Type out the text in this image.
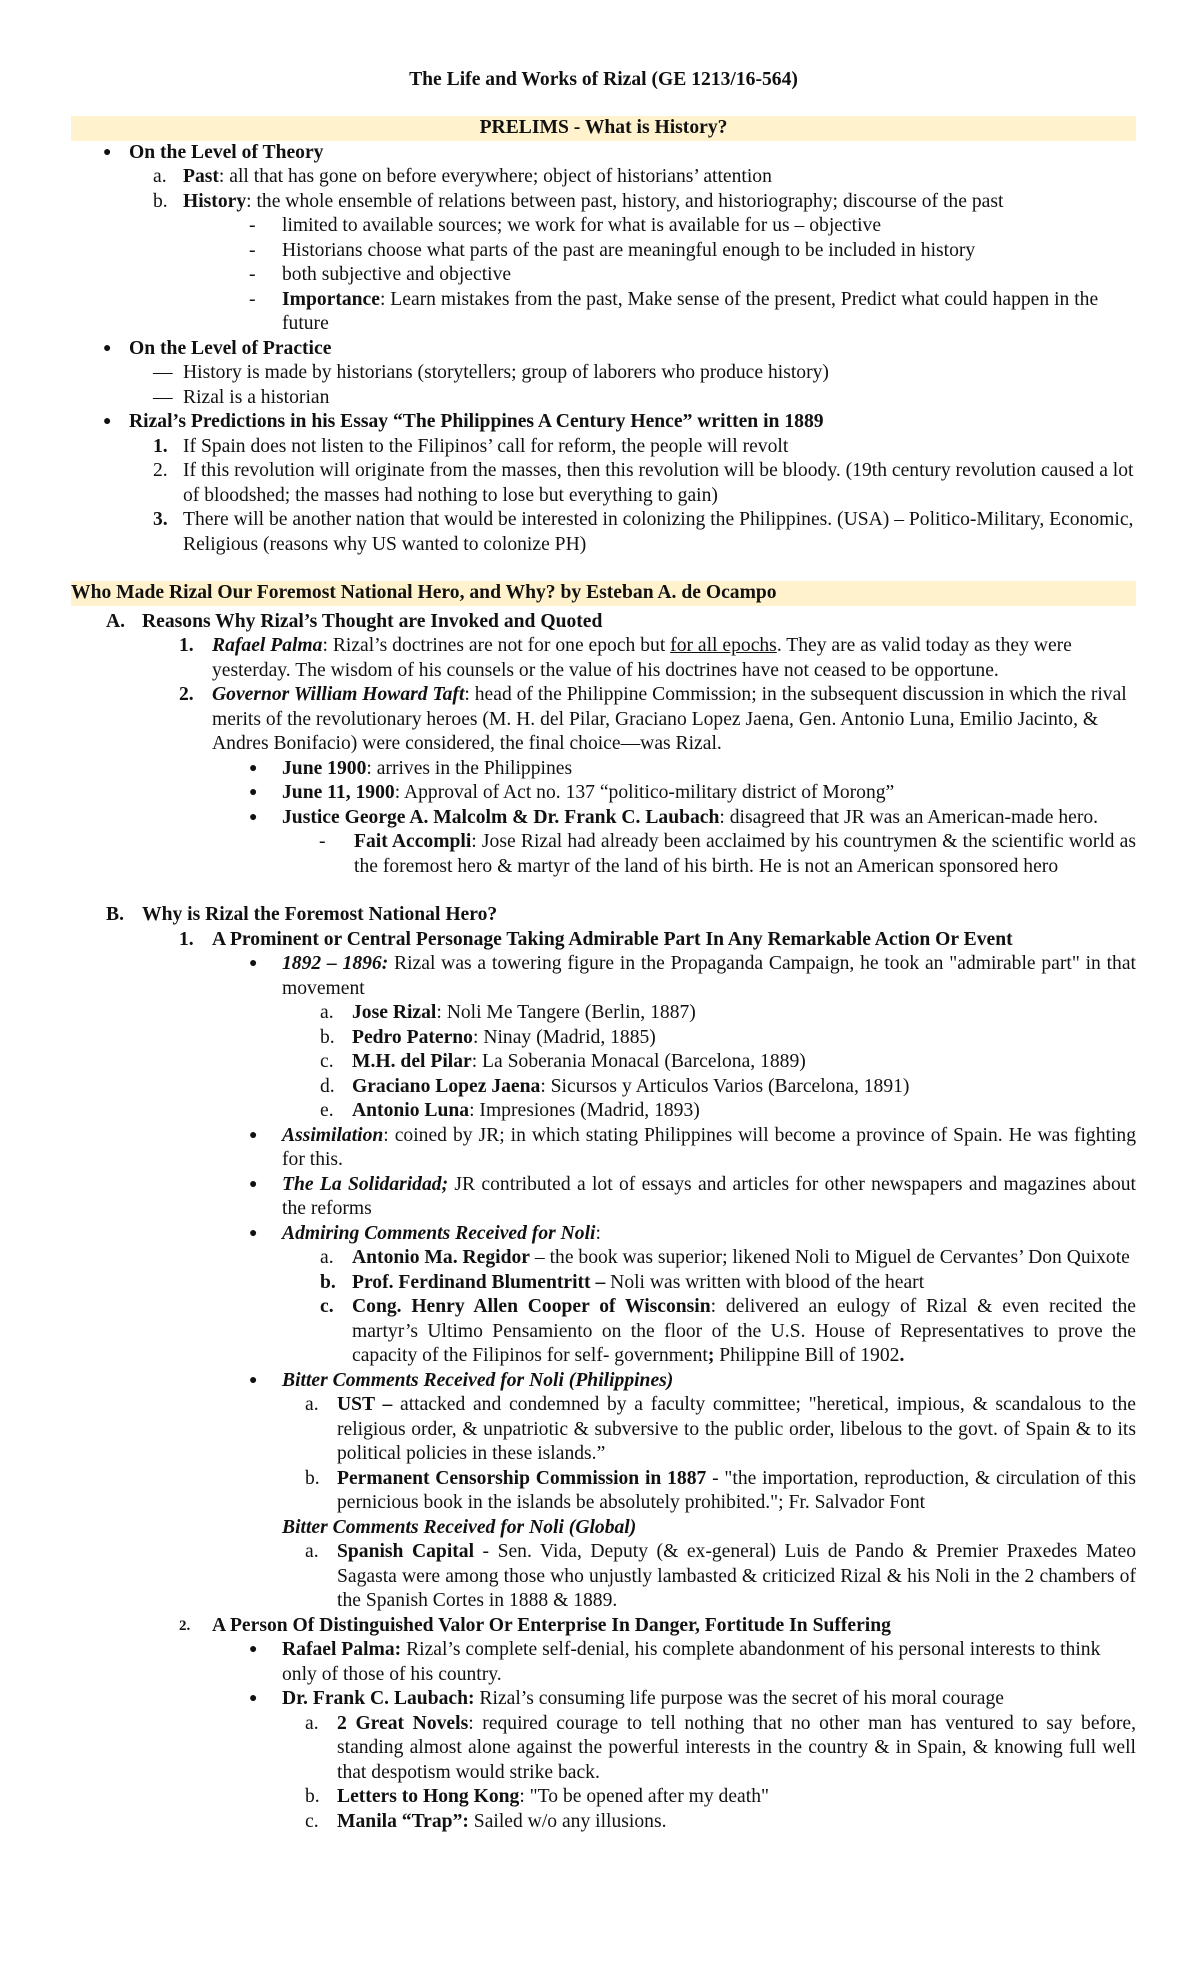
The Life and Works of Rizal (GE 1213/16-564)
PRELIMS - What is History?
● On the Level of Theory
a. Past: all that has gone on before everywhere; object of historians’ attention
b. History: the whole ensemble of relations between past, history, and historiography; discourse of the past
-	limited to available sources; we work for what is available for us – objective
-	Historians choose what parts of the past are meaningful enough to be included in history
-	both subjective and objective
-	Importance: Learn mistakes from the past, Make sense of the present, Predict what could happen in the future
● On the Level of Practice
— History is made by historians (storytellers; group of laborers who produce history)
— Rizal is a historian
● Rizal’s Predictions in his Essay “The Philippines A Century Hence” written in 1889
1. If Spain does not listen to the Filipinos’ call for reform, the people will revolt
2. If this revolution will originate from the masses, then this revolution will be bloody. (19th century revolution caused a lot of bloodshed; the masses had nothing to lose but everything to gain)
3. There will be another nation that would be interested in colonizing the Philippines. (USA) – Politico-Military, Economic, Religious (reasons why US wanted to colonize PH)
Who Made Rizal Our Foremost National Hero, and Why? by Esteban A. de Ocampo
A. Reasons Why Rizal’s Thought are Invoked and Quoted
1. Rafael Palma: Rizal’s doctrines are not for one epoch but for all epochs. They are as valid today as they were yesterday. The wisdom of his counsels or the value of his doctrines have not ceased to be opportune.
2. Governor William Howard Taft: head of the Philippine Commission; in the subsequent discussion in which the rival merits of the revolutionary heroes (M. H. del Pilar, Graciano Lopez Jaena, Gen. Antonio Luna, Emilio Jacinto, & Andres Bonifacio) were considered, the final choice—was Rizal.
●	June 1900: arrives in the Philippines
●	June 11, 1900: Approval of Act no. 137 “politico-military district of Morong”
●	Justice George A. Malcolm & Dr. Frank C. Laubach: disagreed that JR was an American-made hero.
-	Fait Accompli: Jose Rizal had already been acclaimed by his countrymen & the scientific world as the foremost hero & martyr of the land of his birth. He is not an American sponsored hero
B. Why is Rizal the Foremost National Hero?
1. A Prominent or Central Personage Taking Admirable Part In Any Remarkable Action Or Event
●	1892 – 1896: Rizal was a towering figure in the Propaganda Campaign, he took an "admirable part" in that movement
a. Jose Rizal: Noli Me Tangere (Berlin, 1887)
b. Pedro Paterno: Ninay (Madrid, 1885)
c. M.H. del Pilar: La Soberania Monacal (Barcelona, 1889)
d. Graciano Lopez Jaena: Sicursos y Articulos Varios (Barcelona, 1891)
e. Antonio Luna: Impresiones (Madrid, 1893)
●	Assimilation: coined by JR; in which stating Philippines will become a province of Spain. He was fighting for this.
●	The La Solidaridad; JR contributed a lot of essays and articles for other newspapers and magazines about the reforms
●	Admiring Comments Received for Noli:
a. Antonio Ma. Regidor – the book was superior; likened Noli to Miguel de Cervantes’ Don Quixote
b. Prof. Ferdinand Blumentritt – Noli was written with blood of the heart
c. Cong. Henry Allen Cooper of Wisconsin: delivered an eulogy of Rizal & even recited the martyr’s Ultimo Pensamiento on the floor of the U.S. House of Representatives to prove the capacity of the Filipinos for self- government; Philippine Bill of 1902.
●	Bitter Comments Received for Noli (Philippines)
a. UST – attacked and condemned by a faculty committee; "heretical, impious, & scandalous to the religious order, & unpatriotic & subversive to the public order, libelous to the govt. of Spain & to its political policies in these islands.”
b. Permanent Censorship Commission in 1887 - "the importation, reproduction, & circulation of this pernicious book in the islands be absolutely prohibited."; Fr. Salvador Font
Bitter Comments Received for Noli (Global)
a. Spanish Capital - Sen. Vida, Deputy (& ex-general) Luis de Pando & Premier Praxedes Mateo Sagasta were among those who unjustly lambasted & criticized Rizal & his Noli in the 2 chambers of the Spanish Cortes in 1888 & 1889.
2.	A Person Of Distinguished Valor Or Enterprise In Danger, Fortitude In Suffering
●	Rafael Palma: Rizal’s complete self-denial, his complete abandonment of his personal interests to think only of those of his country.
●	Dr. Frank C. Laubach: Rizal’s consuming life purpose was the secret of his moral courage
a. 2 Great Novels: required courage to tell nothing that no other man has ventured to say before, standing almost alone against the powerful interests in the country & in Spain, & knowing full well that despotism would strike back.
b. Letters to Hong Kong: "To be opened after my death"
c. Manila “Trap”: Sailed w/o any illusions.
